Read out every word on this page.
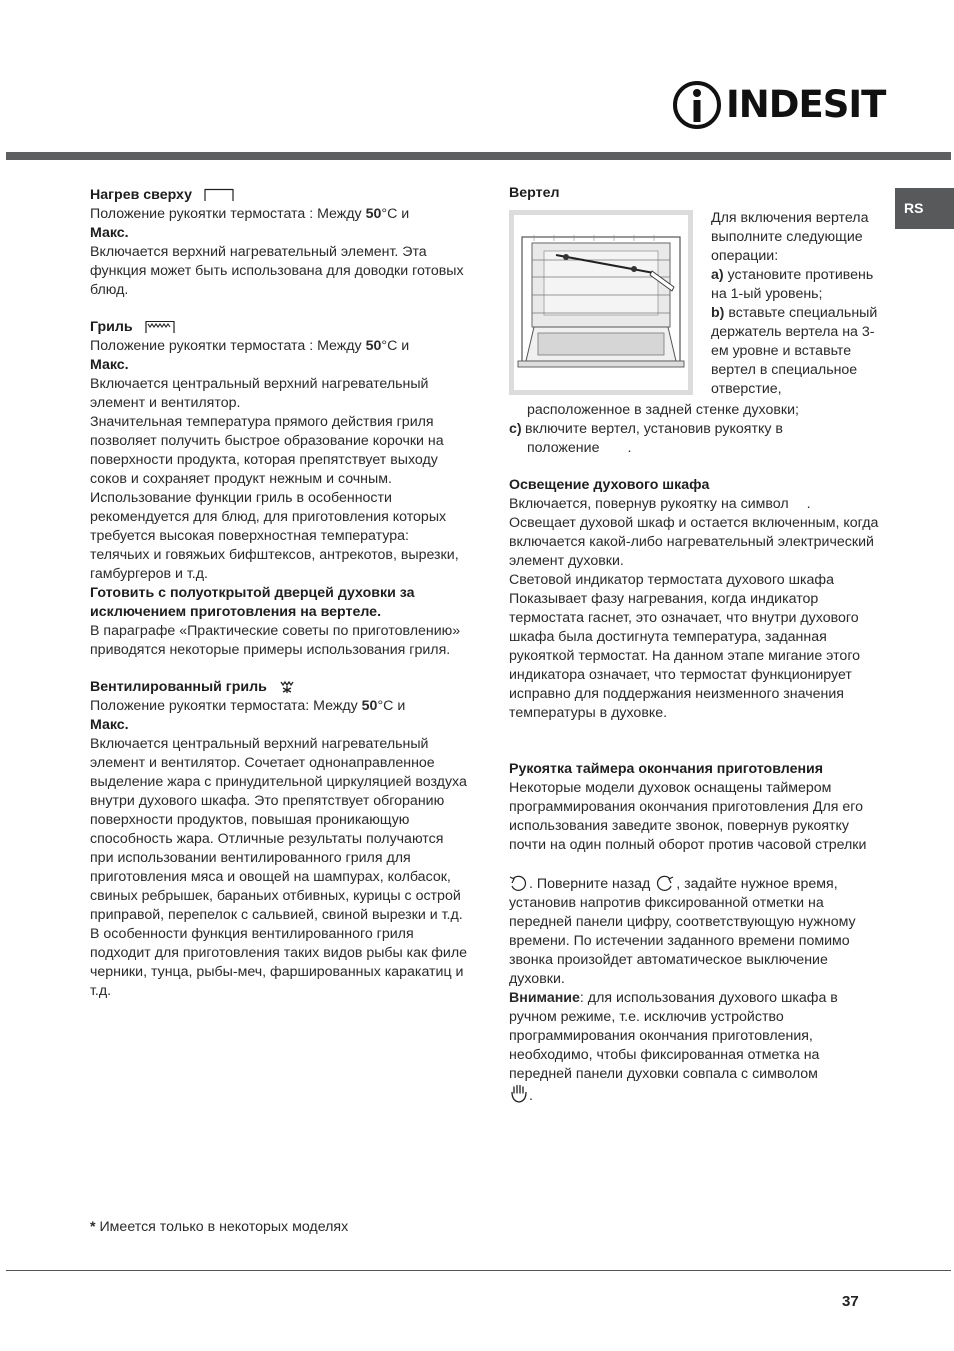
INDESIT
RS

Нагрев сверху

Положение рукоятки термостата : Между 50°C и

Макс.

Включается верхний нагревательный элемент. Эта функция может быть использована для доводки готовых блюд.

Гриль

Положение рукоятки термостата : Между 50°C и

Макс.

Включается центральный верхний нагревательный элемент и вентилятор.

Значительная температура прямого действия гриля позволяет получить быстрое образование корочки на поверхности продукта, которая препятствует выходу соков и сохраняет продукт нежным и сочным. Использование функции гриль в особенности рекомендуется для блюд, для приготовления которых требуется высокая поверхностная температура: телячьих и говяжьих бифштексов, антрекотов, вырезки, гамбургеров и т.д.

Готовить с полуоткрытой дверцей духовки за исключением приготовления на вертеле.

В параграфе «Практические советы по приготовлению» приводятся некоторые примеры использования гриля.

Вентилированный гриль

Положение рукоятки термостата: Между 50°C и

Макс.

Включается центральный верхний нагревательный элемент и вентилятор. Сочетает однонаправленное выделение жара с принудительной циркуляцией воздуха внутри духового шкафа. Это препятствует обгоранию поверхности продуктов, повышая проникающую способность жара. Отличные результаты получаются при использовании вентилированного гриля для приготовления мяса и овощей на шампурах, колбасок, свиных ребрышек, бараньих отбивных, курицы с острой приправой, перепелок с сальвией, свиной вырезки и т.д.

В особенности функция вентилированного гриля подходит для приготовления таких видов рыбы как филе черники, тунца, рыбы-меч, фаршированных каракатиц и т.д.

Вертел

Для включения вертела выполните следующие операции:

a) установите противень на 1-ый уровень;

b) вставьте специальный держатель вертела на 3-ем уровне и вставьте вертел в специальное отверстие,

расположенное в задней стенке духовки;

c) включите вертел, установив рукоятку в

положение .

Освещение духового шкафа

Включается, повернув рукоятку на символ .

Освещает духовой шкаф и остается включенным, когда включается какой-либо нагревательный электрический элемент духовки.

Световой индикатор термостата духового шкафа Показывает фазу нагревания, когда индикатор термостата гаснет, это означает, что внутри духового шкафа была достигнута температура, заданная рукояткой термостат. На данном этапе мигание этого индикатора означает, что термостат функционирует исправно для поддержания неизменного значения температуры в духовке.

Рукоятка таймера окончания приготовления

Некоторые модели духовок оснащены таймером программирования окончания приготовления Для его использования заведите звонок, повернув рукоятку почти на один полный оборот против часовой стрелки

. Поверните назад , задайте нужное время, установив напротив фиксированной отметки на передней панели цифру, соответствующую нужному времени. По истечении заданного времени помимо звонка произойдет автоматическое выключение духовки.

Внимание: для использования духового шкафа в ручном режиме, т.е. исключив устройство программирования окончания приготовления, необходимо, чтобы фиксированная отметка на передней панели духовки совпала с символом
.

* Имеется только в некоторых моделях

37
